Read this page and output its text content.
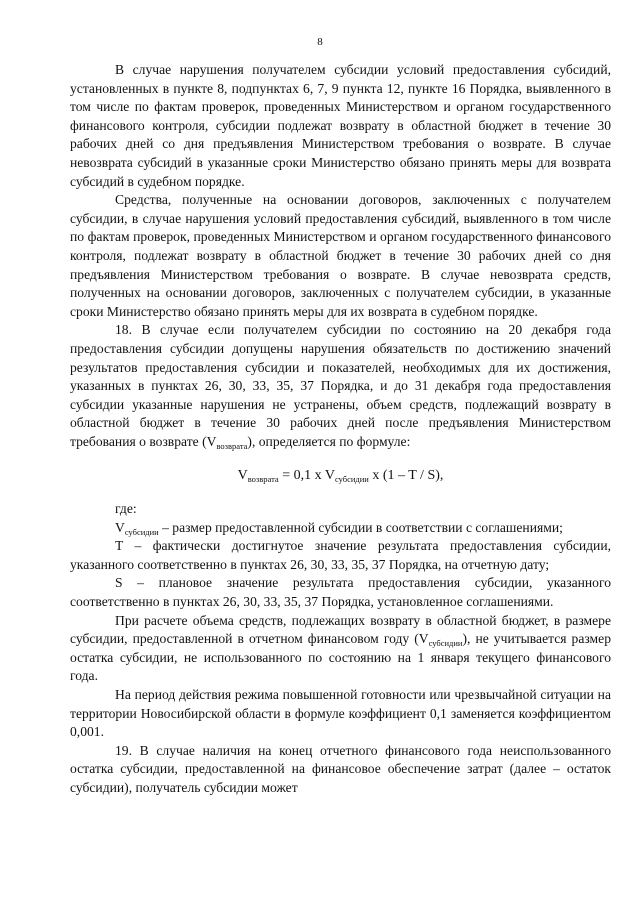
8

В случае нарушения получателем субсидии условий предоставления субсидий, установленных в пункте 8, подпунктах 6, 7, 9 пункта 12, пункте 16 Порядка, выявленного в том числе по фактам проверок, проведенных Министерством и органом государственного финансового контроля, субсидии подлежат возврату в областной бюджет в течение 30 рабочих дней со дня предъявления Министерством требования о возврате. В случае невозврата субсидий в указанные сроки Министерство обязано принять меры для возврата субсидий в судебном порядке.

Средства, полученные на основании договоров, заключенных с получателем субсидии, в случае нарушения условий предоставления субсидий, выявленного в том числе по фактам проверок, проведенных Министерством и органом государственного финансового контроля, подлежат возврату в областной бюджет в течение 30 рабочих дней со дня предъявления Министерством требования о возврате. В случае невозврата средств, полученных на основании договоров, заключенных с получателем субсидии, в указанные сроки Министерство обязано принять меры для их возврата в судебном порядке.

18. В случае если получателем субсидии по состоянию на 20 декабря года предоставления субсидии допущены нарушения обязательств по достижению значений результатов предоставления субсидии и показателей, необходимых для их достижения, указанных в пунктах 26, 30, 33, 35, 37 Порядка, и до 31 декабря года предоставления субсидии указанные нарушения не устранены, объем средств, подлежащий возврату в областной бюджет в течение 30 рабочих дней после предъявления Министерством требования о возврате $(V_{возврата})$, определяется по формуле:

$V_{возврата} = 0,1$ x $V_{субсидии}$ x (1 – T / S),

где:

$V_{субсидии}$ – размер предоставленной субсидии в соответствии с соглашениями;

T – фактически достигнутое значение результата предоставления субсидии, указанного соответственно в пунктах 26, 30, 33, 35, 37 Порядка, на отчетную дату;

S – плановое значение результата предоставления субсидии, указанного соответственно в пунктах 26, 30, 33, 35, 37 Порядка, установленное соглашениями.

При расчете объема средств, подлежащих возврату в областной бюджет, в размере субсидии, предоставленной в отчетном финансовом году $(V_{субсидии})$, не учитывается размер остатка субсидии, не использованного по состоянию на 1 января текущего финансового года.

На период действия режима повышенной готовности или чрезвычайной ситуации на территории Новосибирской области в формуле коэффициент 0,1 заменяется коэффициентом 0,001.

19. В случае наличия на конец отчетного финансового года неиспользованного остатка субсидии, предоставленной на финансовое обеспечение затрат (далее – остаток субсидии), получатель субсидии может
